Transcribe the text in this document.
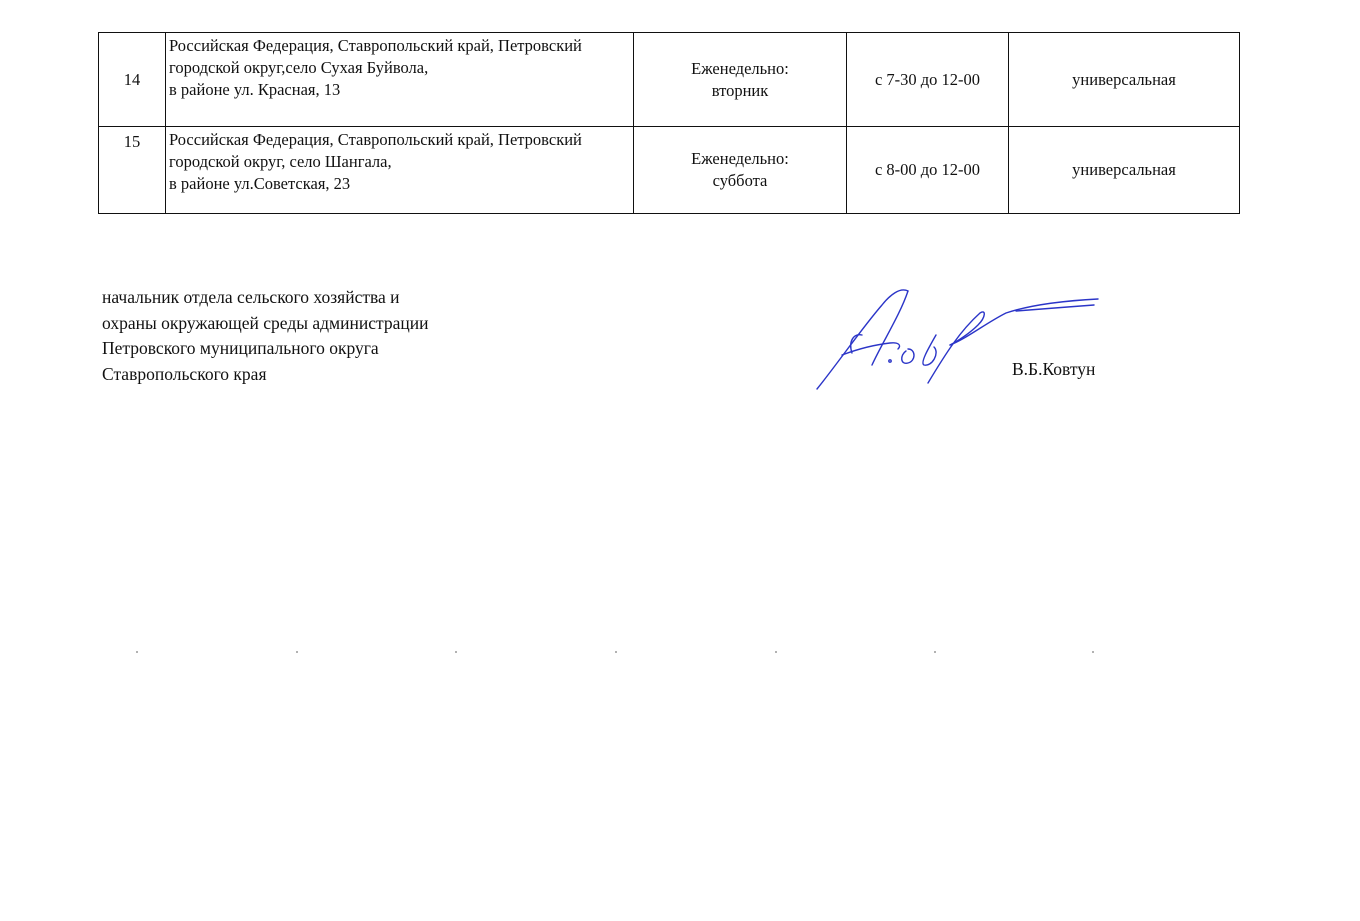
14	Российская Федерация, Ставропольский край, Петровский
городской округ,село Сухая Буйвола,
в районе ул. Красная, 13	Еженедельно:
вторник	с 7-30 до 12-00	универсальная
15	Российская Федерация, Ставропольский край, Петровский
городской округ, село Шангала,
в районе ул.Советская, 23	Еженедельно:
суббота	с 8-00 до 12-00	универсальная
начальник отдела сельского хозяйства и
охраны окружающей среды администрации
Петровского муниципального округа
Ставропольского края	В.Б.Ковтун
